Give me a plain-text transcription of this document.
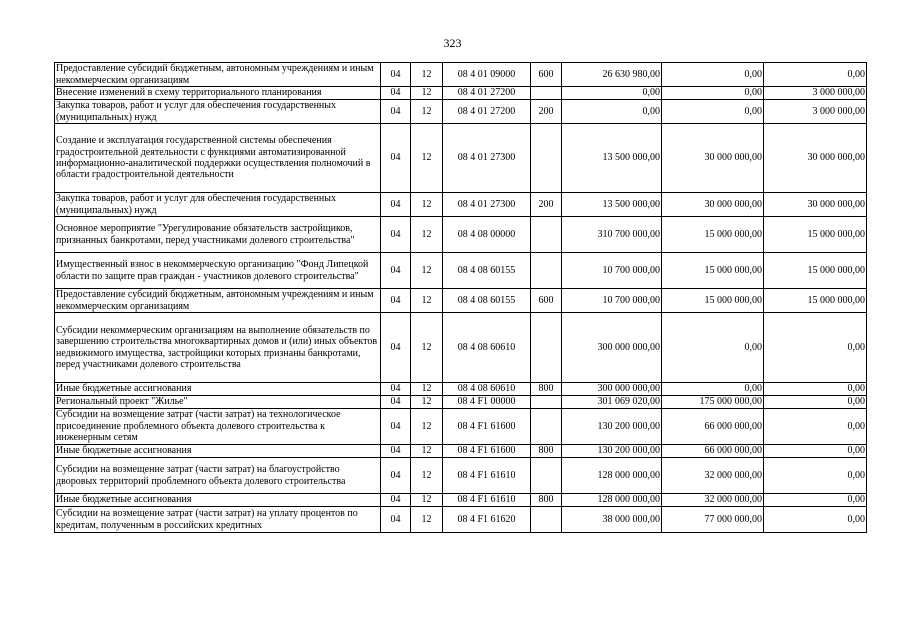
323
Предоставление субсидий бюджетным, автономным учреждениям и иным некоммерческим организациям	04	12	08 4 01 09000	600	26 630 980,00	0,00	0,00
Внесение изменений в схему территориального планирования	04	12	08 4 01 27200		0,00	0,00	3 000 000,00
Закупка товаров, работ и услуг для обеспечения государственных (муниципальных) нужд	04	12	08 4 01 27200	200	0,00	0,00	3 000 000,00
Создание и эксплуатация государственной системы обеспечения градостроительной деятельности с функциями автоматизированной информационно-аналитической поддержки осуществления полномочий в области градостроительной деятельности	04	12	08 4 01 27300		13 500 000,00	30 000 000,00	30 000 000,00
Закупка товаров, работ и услуг для обеспечения государственных (муниципальных) нужд	04	12	08 4 01 27300	200	13 500 000,00	30 000 000,00	30 000 000,00
Основное мероприятие "Урегулирование обязательств застройщиков, признанных банкротами, перед участниками долевого строительства"	04	12	08 4 08 00000		310 700 000,00	15 000 000,00	15 000 000,00
Имущественный взнос в некоммерческую организацию "Фонд Липецкой области по защите прав граждан - участников долевого строительства"	04	12	08 4 08 60155		10 700 000,00	15 000 000,00	15 000 000,00
Предоставление субсидий бюджетным, автономным учреждениям и иным некоммерческим организациям	04	12	08 4 08 60155	600	10 700 000,00	15 000 000,00	15 000 000,00
Субсидии некоммерческим организациям на выполнение обязательств по завершению строительства многоквартирных домов и (или) иных объектов недвижимого имущества, застройщики которых признаны банкротами, перед участниками долевого строительства	04	12	08 4 08 60610		300 000 000,00	0,00	0,00
Иные бюджетные ассигнования	04	12	08 4 08 60610	800	300 000 000,00	0,00	0,00
Региональный проект "Жилье"	04	12	08 4 F1 00000		301 069 020,00	175 000 000,00	0,00
Субсидии на возмещение затрат (части затрат) на технологическое присоединение проблемного объекта долевого строительства к инженерным сетям	04	12	08 4 F1 61600		130 200 000,00	66 000 000,00	0,00
Иные бюджетные ассигнования	04	12	08 4 F1 61600	800	130 200 000,00	66 000 000,00	0,00
Субсидии на возмещение затрат (части затрат) на благоустройство дворовых территорий проблемного объекта долевого строительства	04	12	08 4 F1 61610		128 000 000,00	32 000 000,00	0,00
Иные бюджетные ассигнования	04	12	08 4 F1 61610	800	128 000 000,00	32 000 000,00	0,00
Субсидии на возмещение затрат (части затрат) на уплату процентов по кредитам, полученным в российских кредитных	04	12	08 4 F1 61620		38 000 000,00	77 000 000,00	0,00
